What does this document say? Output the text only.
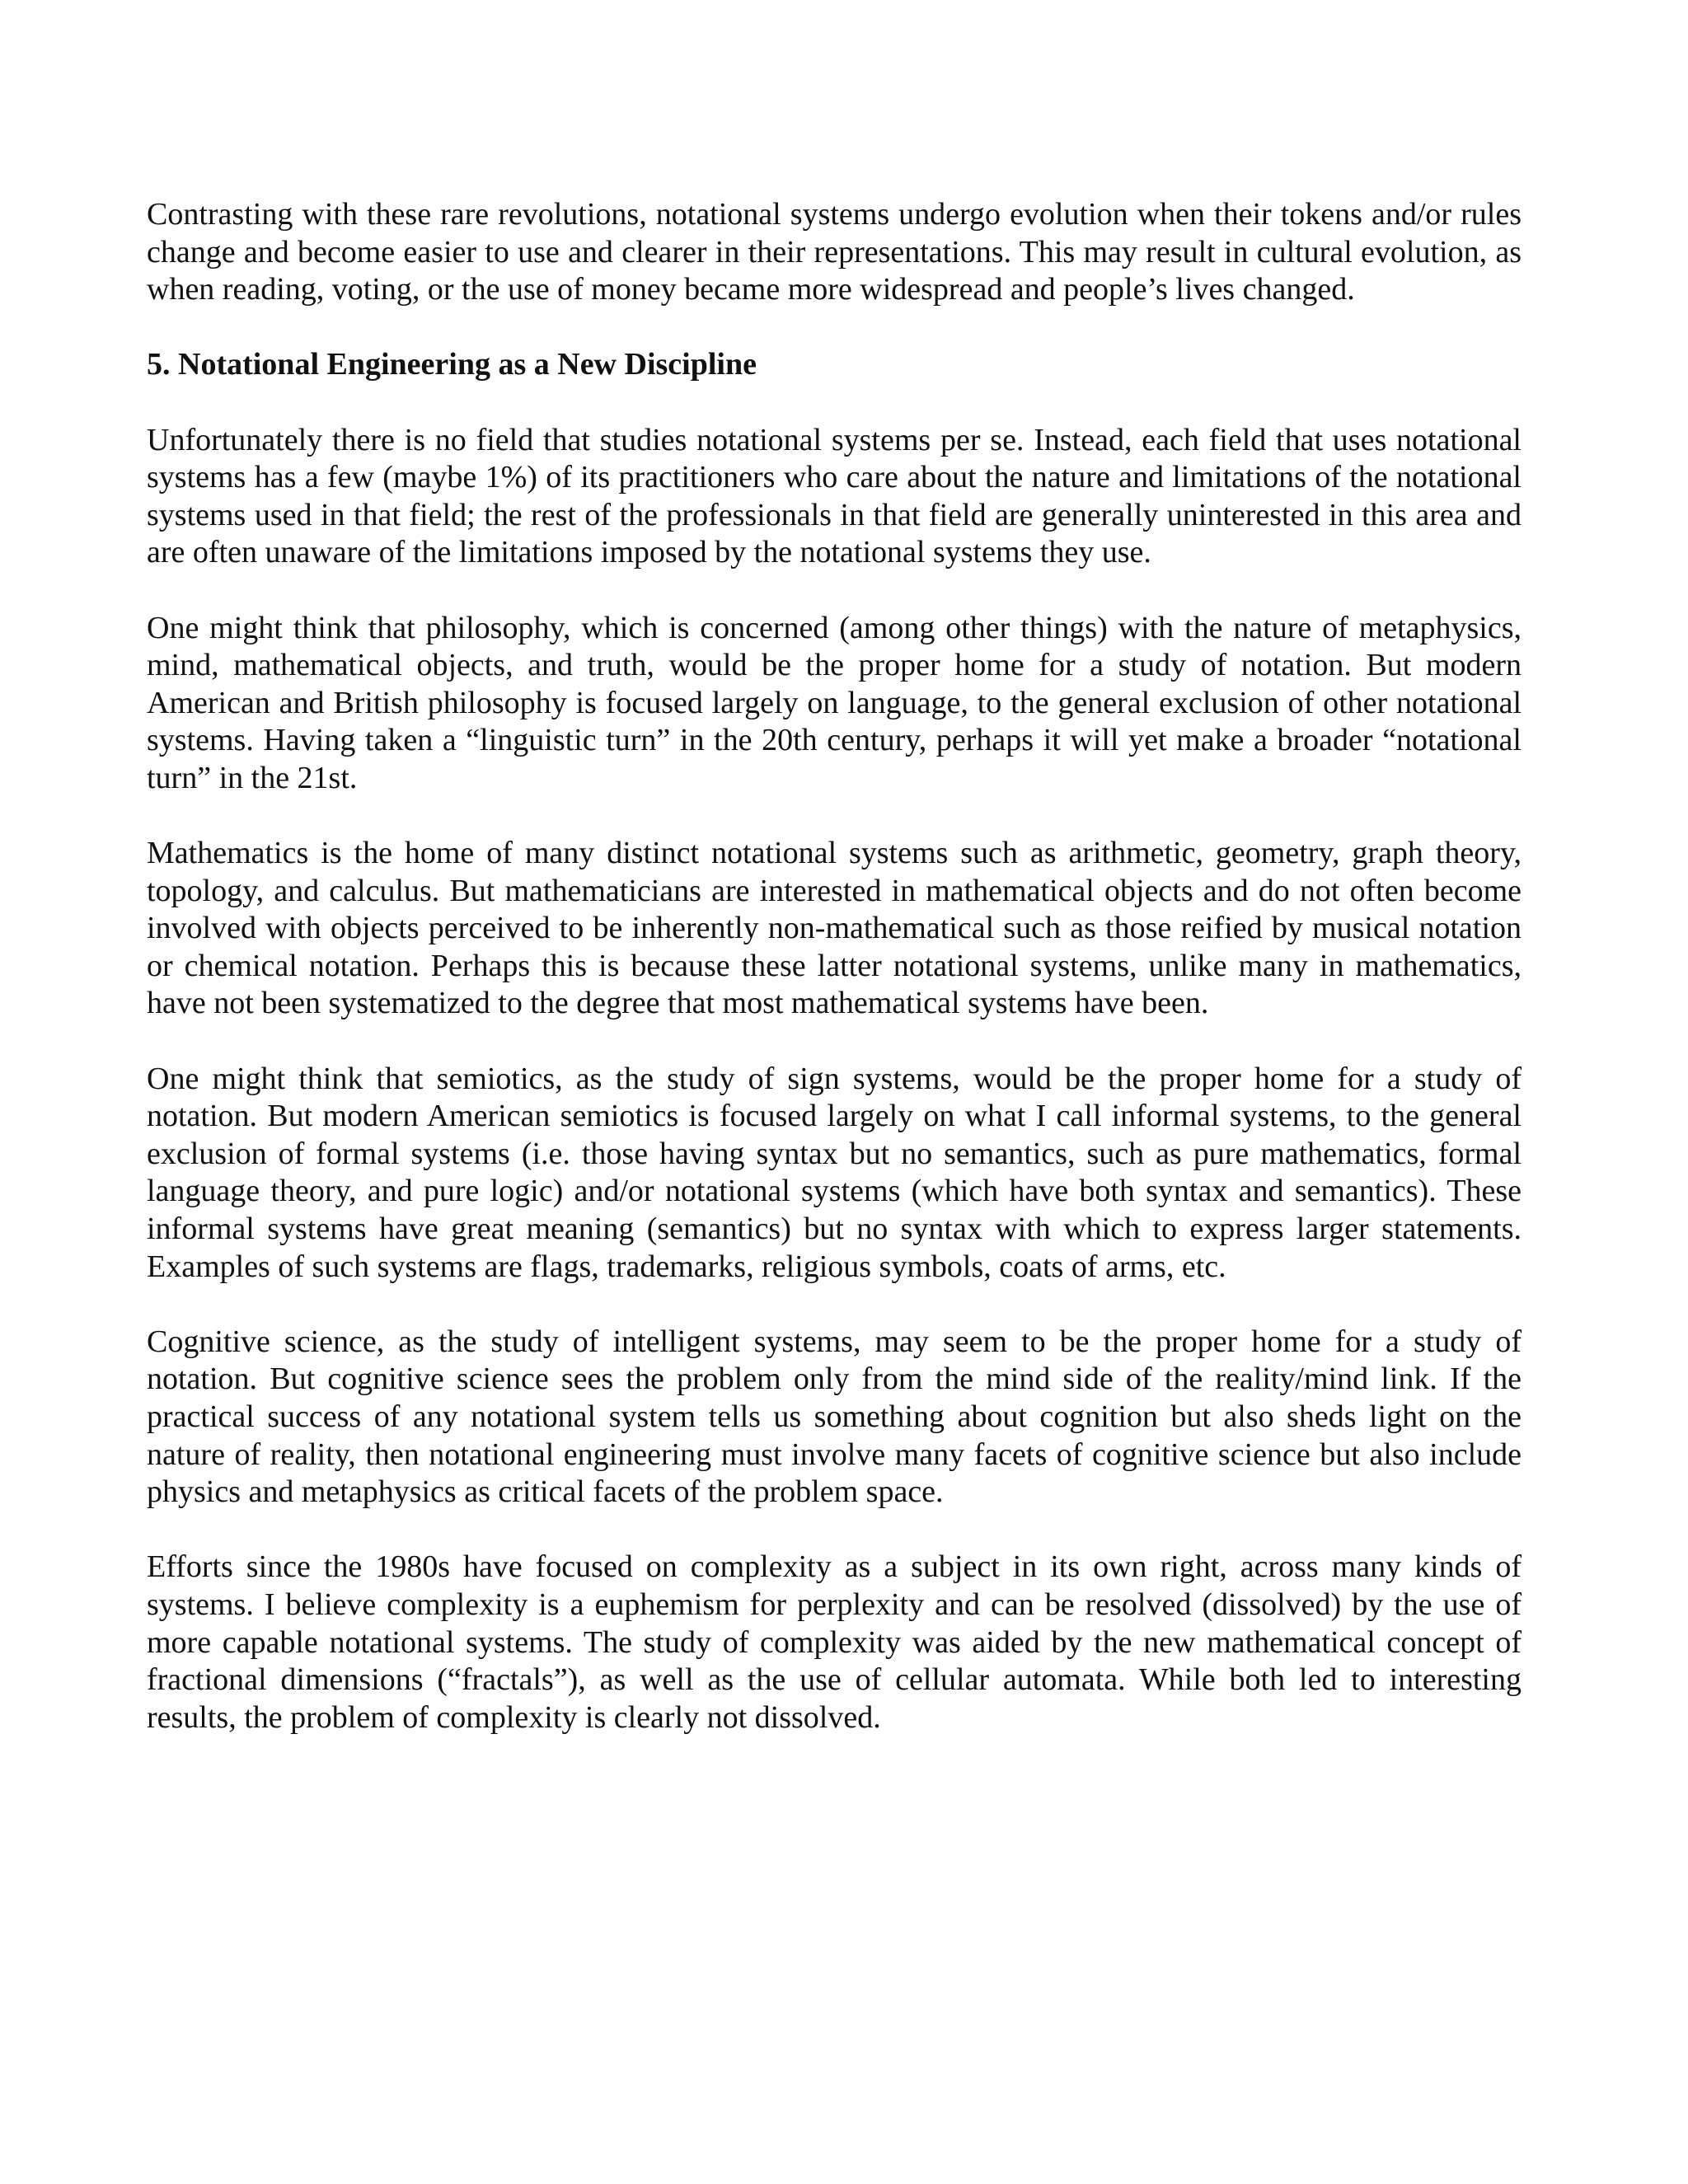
Contrasting with these rare revolutions, notational systems undergo evolution when their tokens and/or rules change and become easier to use and clearer in their representations. This may result in cultural evolution, as when reading, voting, or the use of money became more widespread and people’s lives changed.

5. Notational Engineering as a New Discipline

Unfortunately there is no field that studies notational systems per se. Instead, each field that uses notational systems has a few (maybe 1%) of its practitioners who care about the nature and limitations of the notational systems used in that field; the rest of the professionals in that field are generally uninterested in this area and are often unaware of the limitations imposed by the notational systems they use.

One might think that philosophy, which is concerned (among other things) with the nature of metaphysics, mind, mathematical objects, and truth, would be the proper home for a study of notation. But modern American and British philosophy is focused largely on language, to the general exclusion of other notational systems. Having taken a “linguistic turn” in the 20th century, perhaps it will yet make a broader “notational turn” in the 21st.

Mathematics is the home of many distinct notational systems such as arithmetic, geometry, graph theory, topology, and calculus. But mathematicians are interested in mathematical objects and do not often become involved with objects perceived to be inherently non-mathematical such as those reified by musical notation or chemical notation. Perhaps this is because these latter notational systems, unlike many in mathematics, have not been systematized to the degree that most mathematical systems have been.

One might think that semiotics, as the study of sign systems, would be the proper home for a study of notation. But modern American semiotics is focused largely on what I call informal systems, to the general exclusion of formal systems (i.e. those having syntax but no semantics, such as pure mathematics, formal language theory, and pure logic) and/or notational systems (which have both syntax and semantics). These informal systems have great meaning (semantics) but no syntax with which to express larger statements. Examples of such systems are flags, trademarks, religious symbols, coats of arms, etc.

Cognitive science, as the study of intelligent systems, may seem to be the proper home for a study of notation. But cognitive science sees the problem only from the mind side of the reality/mind link. If the practical success of any notational system tells us something about cognition but also sheds light on the nature of reality, then notational engineering must involve many facets of cognitive science but also include physics and metaphysics as critical facets of the problem space.

Efforts since the 1980s have focused on complexity as a subject in its own right, across many kinds of systems. I believe complexity is a euphemism for perplexity and can be resolved (dissolved) by the use of more capable notational systems. The study of complexity was aided by the new mathematical concept of fractional dimensions (“fractals”), as well as the use of cellular automata. While both led to interesting results, the problem of complexity is clearly not dissolved.
